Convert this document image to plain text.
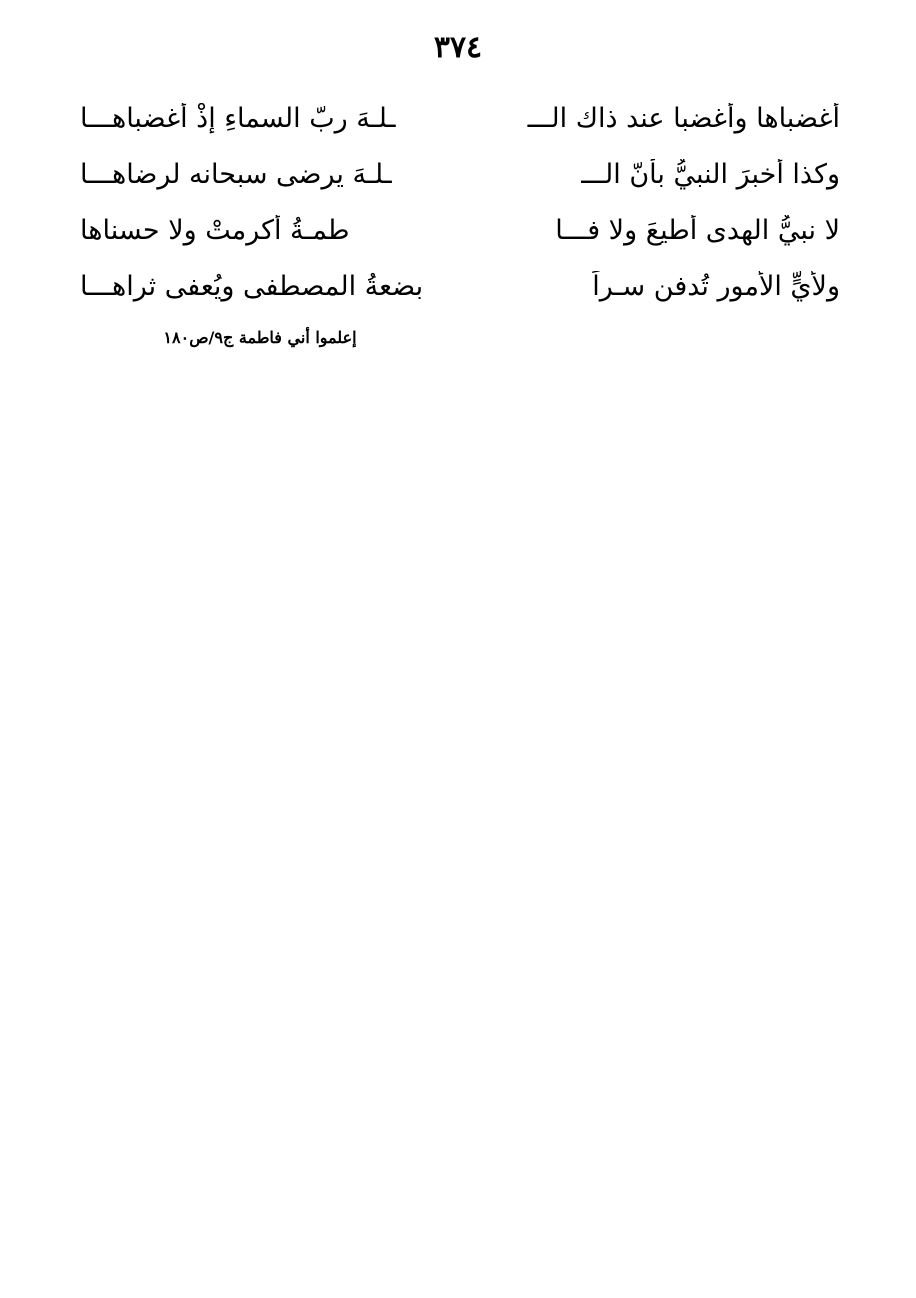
٣٧٤
أغضباها وأغضبا عند ذاك الـــ
ـلـهَ ربّ السماءِ إذْ أغضباهـــا
وكذا أخبرَ النبيُّ بأنّ الـــ
ـلـهَ يرضى سبحانه لرضاهـــا
لا نبيُّ الهدى أُطيعَ ولا فـــا
طمـةُ أُكرمتْ ولا حسناها
ولأيٍّ الأمور تُدفن سـراً
بضعةُ المصطفى ويُعفى ثراهـــا
إعلموا أني فاطمة ج٩/ص١٨٠
